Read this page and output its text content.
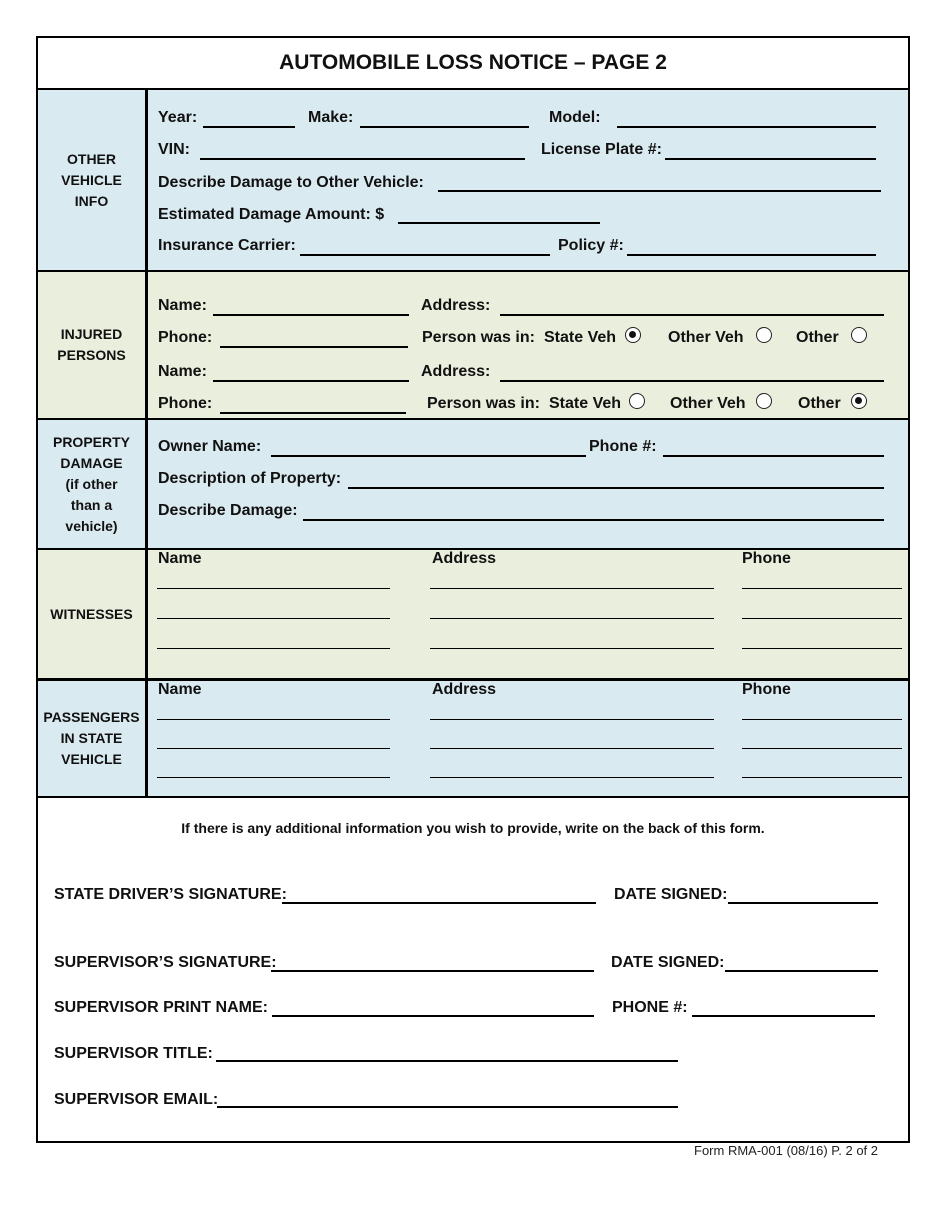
AUTOMOBILE LOSS NOTICE – PAGE 2
OTHER
VEHICLE
INFO
Year:	Make:	Model:
VIN:	License Plate #:
Describe Damage to Other Vehicle:
Estimated Damage Amount: $
Insurance Carrier:	Policy #:
INJURED
PERSONS
Name:	Address:
Phone:	Person was in: State Veh	Other Veh	Other
Name:	Address:
Phone:	Person was in: State Veh	Other Veh	Other
PROPERTY
DAMAGE
(if other
than a
vehicle)
Owner Name:	Phone #:
Description of Property:
Describe Damage:
WITNESSES
Name	Address	Phone
PASSENGERS
IN STATE
VEHICLE
Name	Address	Phone
If there is any additional information you wish to provide, write on the back of this form.
STATE DRIVER’S SIGNATURE:	DATE SIGNED:
SUPERVISOR’S SIGNATURE:	DATE SIGNED:
SUPERVISOR PRINT NAME:	PHONE #:
SUPERVISOR TITLE:
SUPERVISOR EMAIL:
Form RMA-001 (08/16) P. 2 of 2
